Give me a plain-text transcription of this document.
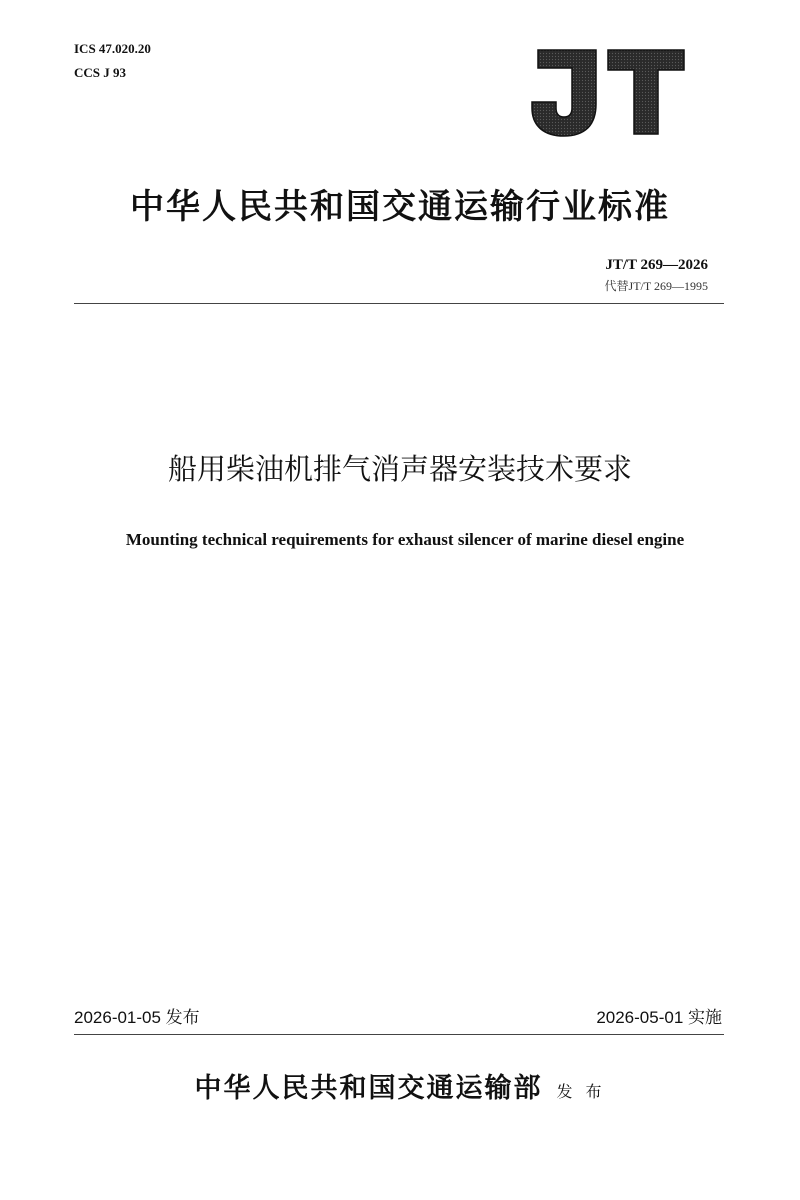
ICS 47.020.20
CCS J 93
中华人民共和国交通运输行业标准
JT/T 269—2026
代替JT/T 269—1995
船用柴油机排气消声器安装技术要求
Mounting technical requirements for exhaust silencer of marine diesel engine
2026-01-05 发布	2026-05-01 实施
中华人民共和国交通运输部 发 布
